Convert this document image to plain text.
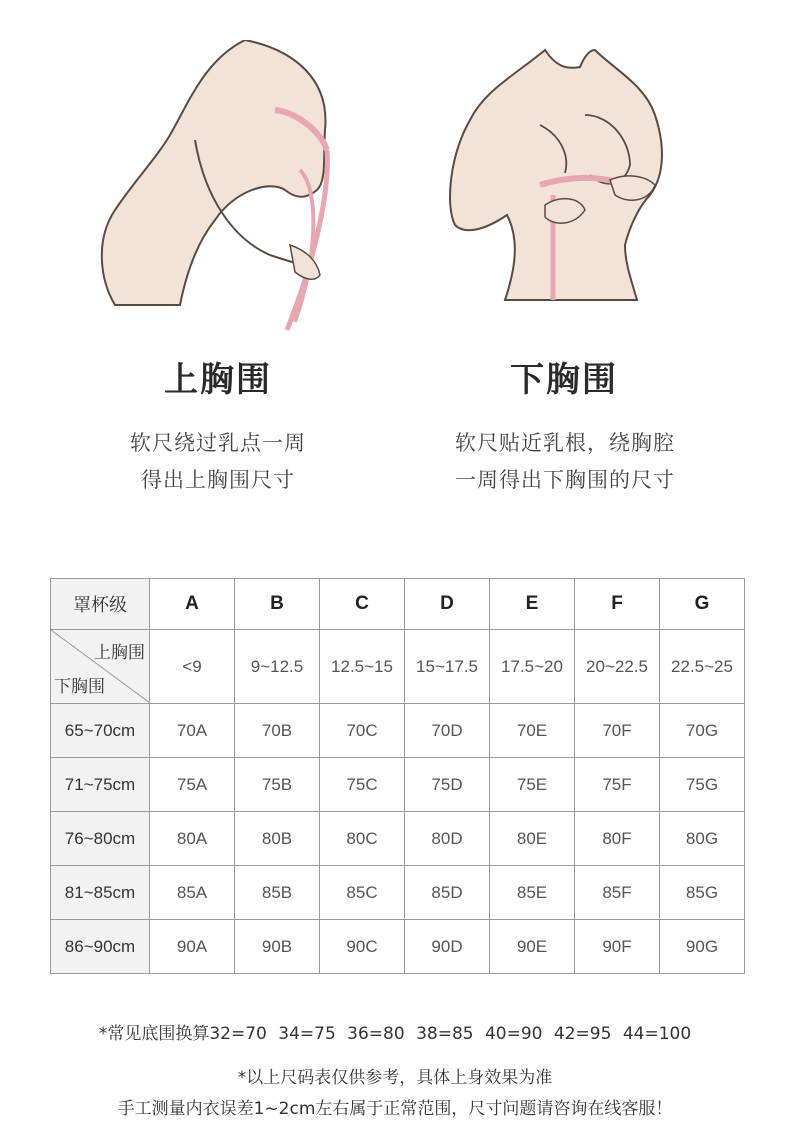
上胸围	下胸围
软尺绕过乳点一周
得出上胸围尺寸
软尺贴近乳根，绕胸腔
一周得出下胸围的尺寸
罩杯级	A	B	C	D	E	F	G

上胸围
下胸围	<9	9~12.5	12.5~15	15~17.5	17.5~20	20~22.5	22.5~25
65~70cm	70A	70B	70C	70D	70E	70F	70G
71~75cm	75A	75B	75C	75D	75E	75F	75G
76~80cm	80A	80B	80C	80D	80E	80F	80G
81~85cm	85A	85B	85C	85D	85E	85F	85G
86~90cm	90A	90B	90C	90D	90E	90F	90G
*常见底围换算32=70 34=75 36=80 38=85 40=90 42=95 44=100
*以上尺码表仅供参考，具体上身效果为准
手工测量内衣误差1~2cm左右属于正常范围，尺寸问题请咨询在线客服！
